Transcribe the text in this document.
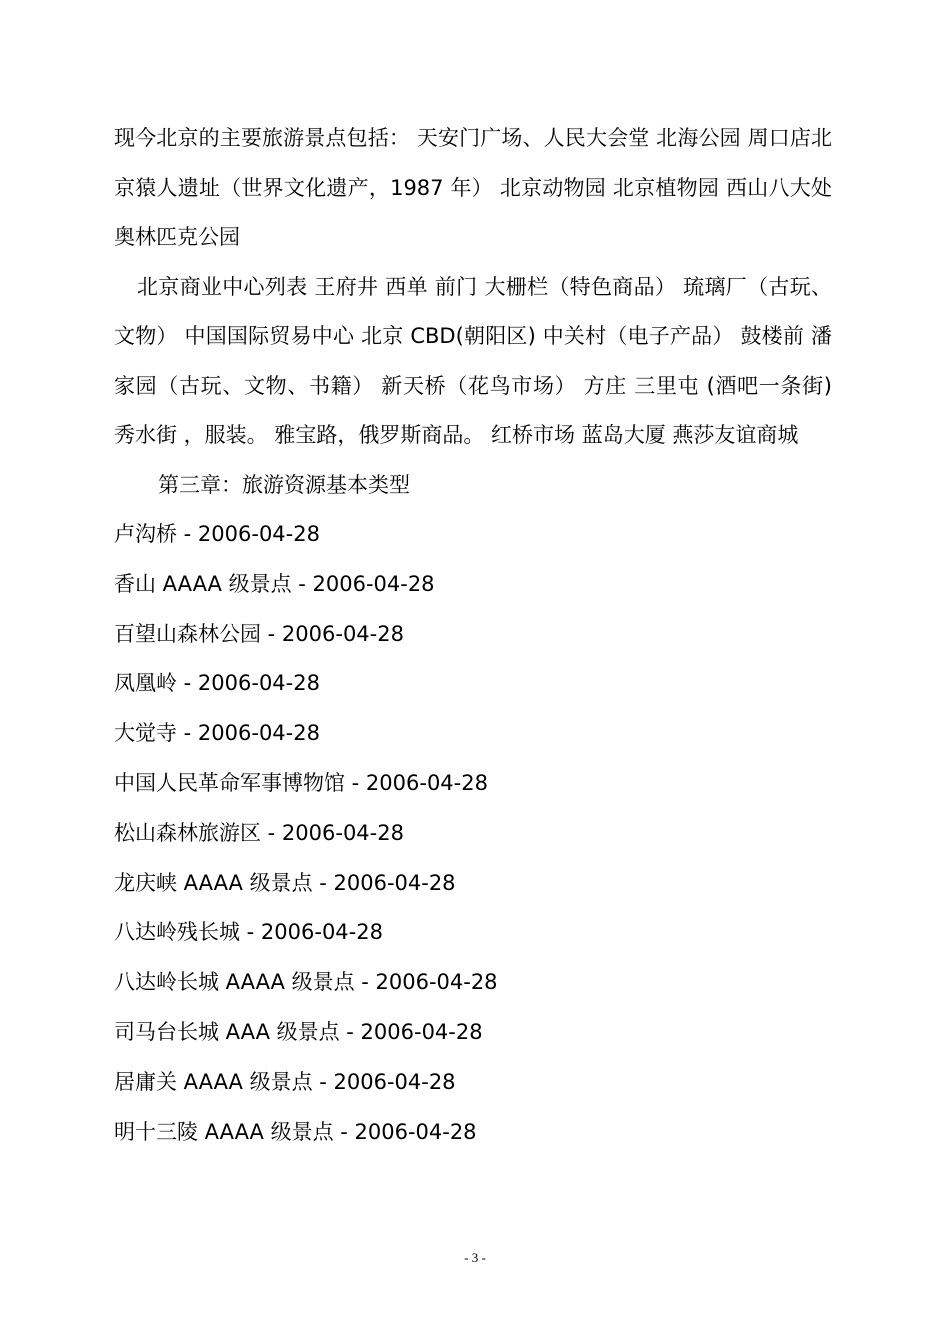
现今北京的主要旅游景点包括： 天安门广场、人民大会堂 北海公园 周口店北京猿人遗址（世界文化遗产，1987 年） 北京动物园 北京植物园 西山八大处 奥林匹克公园

北京商业中心列表 王府井 西单 前门 大栅栏（特色商品） 琉璃厂（古玩、文物） 中国国际贸易中心 北京 CBD(朝阳区) 中关村（电子产品） 鼓楼前 潘家园（古玩、文物、书籍） 新天桥（花鸟市场） 方庄 三里屯 (酒吧一条街) 秀水街 ，服装。 雅宝路，俄罗斯商品。 红桥市场 蓝岛大厦 燕莎友谊商城

第三章：旅游资源基本类型
卢沟桥 - 2006-04-28
香山 AAAA 级景点 - 2006-04-28
百望山森林公园 - 2006-04-28
凤凰岭 - 2006-04-28
大觉寺 - 2006-04-28
中国人民革命军事博物馆 - 2006-04-28
松山森林旅游区 - 2006-04-28
龙庆峡 AAAA 级景点 - 2006-04-28
八达岭残长城 - 2006-04-28
八达岭长城 AAAA 级景点 - 2006-04-28
司马台长城 AAA 级景点 - 2006-04-28
居庸关 AAAA 级景点 - 2006-04-28
明十三陵 AAAA 级景点 - 2006-04-28
- 3 -
